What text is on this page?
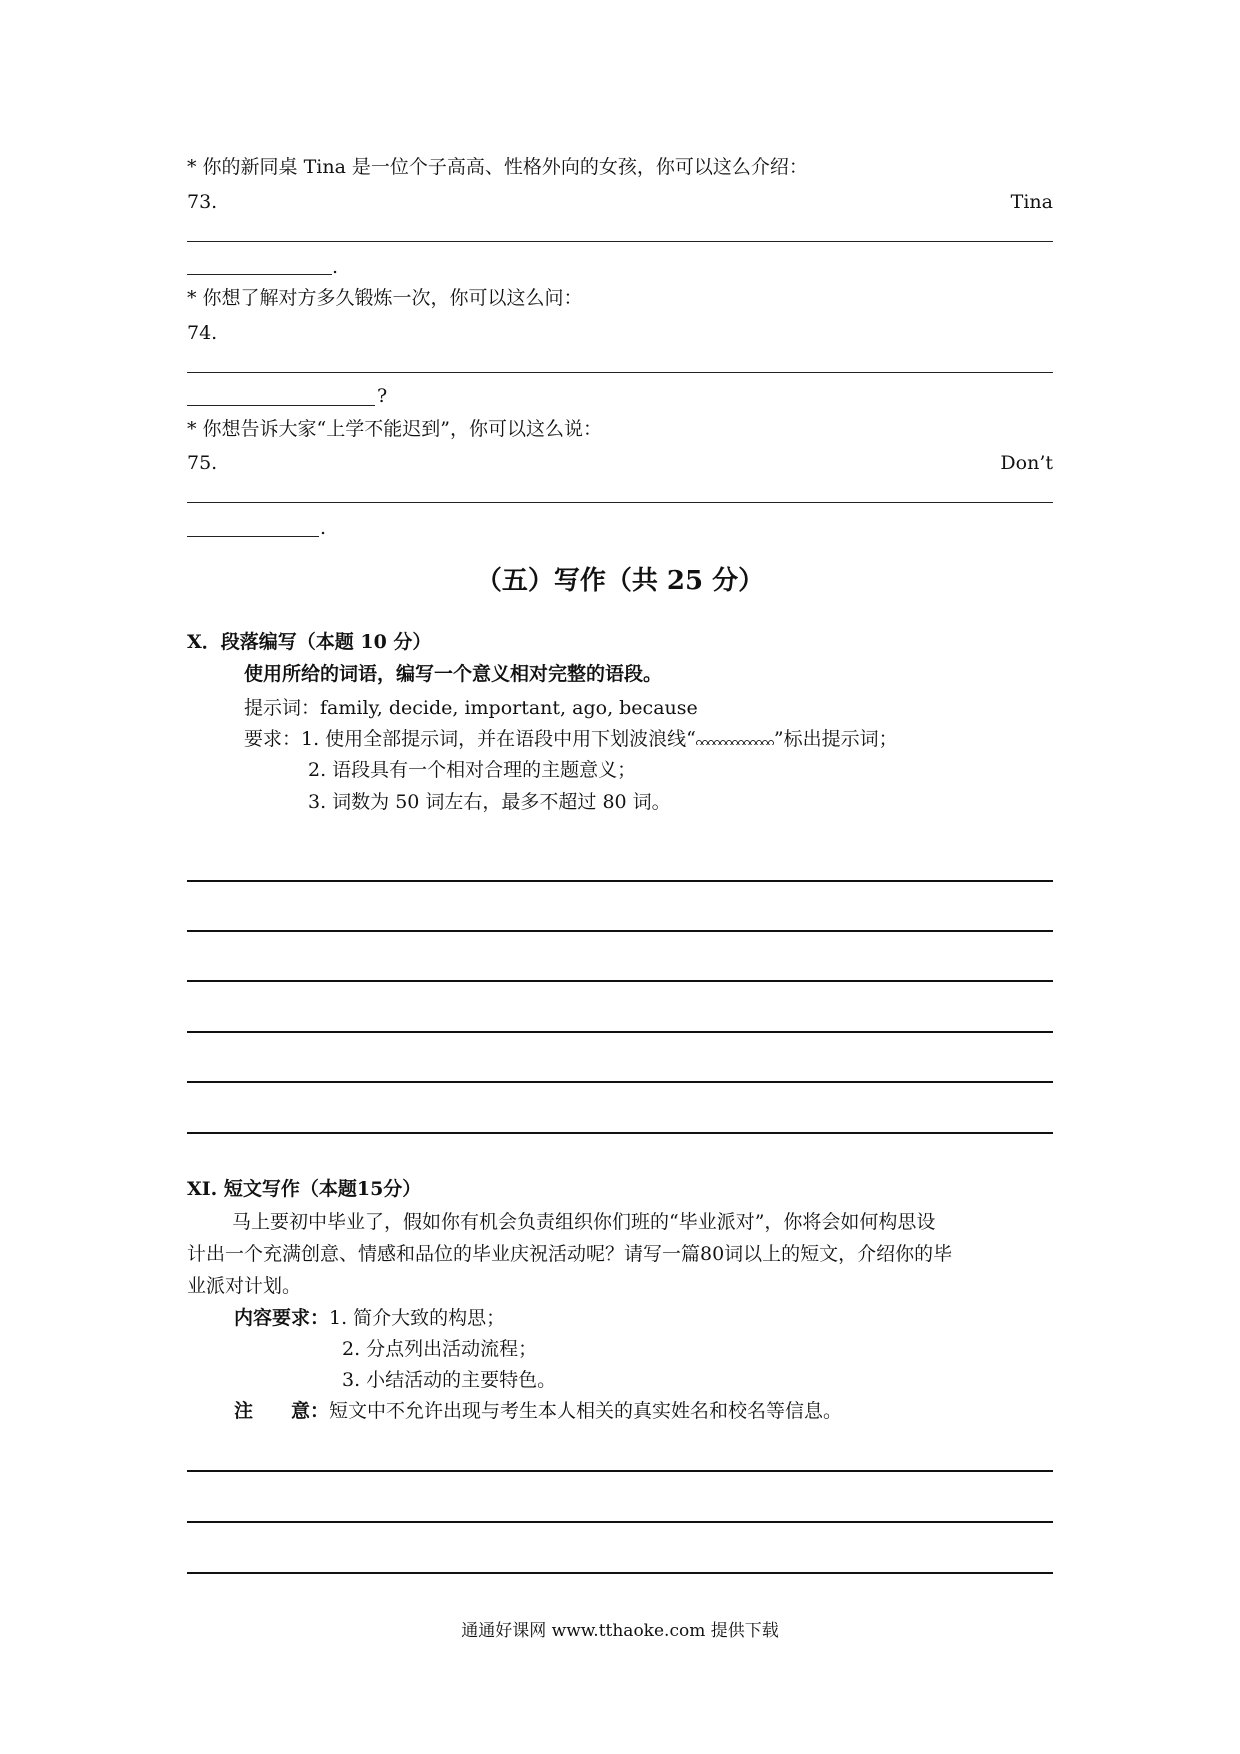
* 你的新同桌 Tina 是一位个子高高、性格外向的女孩，你可以这么介绍：
73.	Tina
.
* 你想了解对方多久锻炼一次，你可以这么问：
74.
?
* 你想告诉大家“上学不能迟到”，你可以这么说：
75.	Don’t
.
（五）写作（共 25 分）
X．段落编写（本题 10 分）
使用所给的词语，编写一个意义相对完整的语段。
提示词：family, decide, important, ago, because
要求：1. 使用全部提示词，并在语段中用下划波浪线“	”标出提示词；
2. 语段具有一个相对合理的主题意义；
3. 词数为 50 词左右，最多不超过 80 词。
XI. 短文写作（本题15分）
马上要初中毕业了，假如你有机会负责组织你们班的“毕业派对”，你将会如何构思设
计出一个充满创意、情感和品位的毕业庆祝活动呢？请写一篇80词以上的短文，介绍你的毕
业派对计划。
内容要求：1. 简介大致的构思；
2. 分点列出活动流程；
3. 小结活动的主要特色。
注　　意：短文中不允许出现与考生本人相关的真实姓名和校名等信息。
通通好课网 www.tthaoke.com 提供下载
